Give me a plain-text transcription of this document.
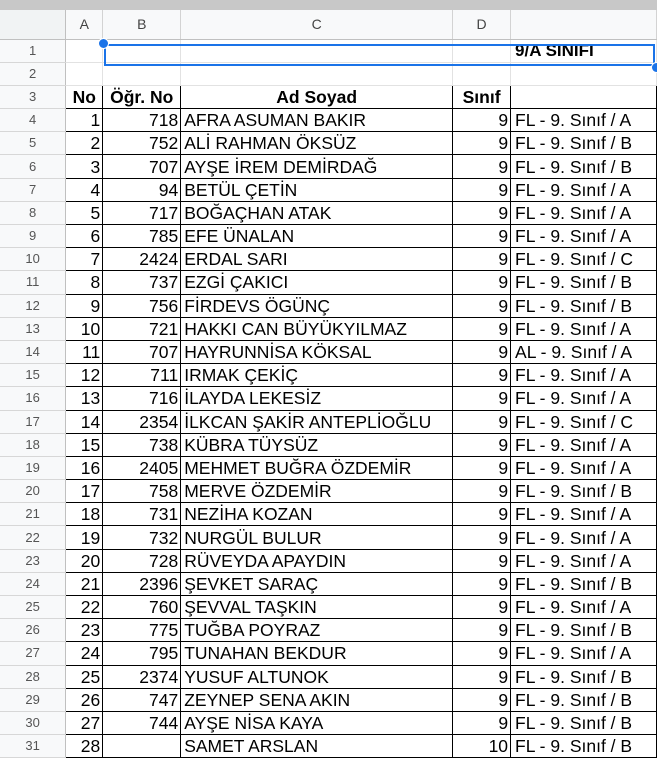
	A	B	C	D	
1					9/A SINIFI
2					
3	No	Öğr. No	Ad Soyad	Sınıf	
4	1	718	AFRA ASUMAN BAKIR	9	FL - 9. Sınıf / A
5	2	752	ALİ RAHMAN ÖKSÜZ	9	FL - 9. Sınıf / B
6	3	707	AYŞE İREM DEMİRDAĞ	9	FL - 9. Sınıf / B
7	4	94	BETÜL ÇETİN	9	FL - 9. Sınıf / A
8	5	717	BOĞAÇHAN ATAK	9	FL - 9. Sınıf / A
9	6	785	EFE ÜNALAN	9	FL - 9. Sınıf / A
10	7	2424	ERDAL SARI	9	FL - 9. Sınıf / C
11	8	737	EZGİ ÇAKICI	9	FL - 9. Sınıf / B
12	9	756	FİRDEVS ÖGÜNÇ	9	FL - 9. Sınıf / B
13	10	721	HAKKI CAN BÜYÜKYILMAZ	9	FL - 9. Sınıf / A
14	11	707	HAYRUNNİSA KÖKSAL	9	AL - 9. Sınıf / A
15	12	711	IRMAK ÇEKİÇ	9	FL - 9. Sınıf / A
16	13	716	İLAYDA LEKESİZ	9	FL - 9. Sınıf / A
17	14	2354	İLKCAN ŞAKİR ANTEPLİOĞLU	9	FL - 9. Sınıf / C
18	15	738	KÜBRA TÜYSÜZ	9	FL - 9. Sınıf / A
19	16	2405	MEHMET BUĞRA ÖZDEMİR	9	FL - 9. Sınıf / A
20	17	758	MERVE ÖZDEMİR	9	FL - 9. Sınıf / B
21	18	731	NEZİHA KOZAN	9	FL - 9. Sınıf / A
22	19	732	NURGÜL BULUR	9	FL - 9. Sınıf / A
23	20	728	RÜVEYDA APAYDIN	9	FL - 9. Sınıf / A
24	21	2396	ŞEVKET SARAÇ	9	FL - 9. Sınıf / B
25	22	760	ŞEVVAL TAŞKIN	9	FL - 9. Sınıf / A
26	23	775	TUĞBA POYRAZ	9	FL - 9. Sınıf / B
27	24	795	TUNAHAN BEKDUR	9	FL - 9. Sınıf / A
28	25	2374	YUSUF ALTUNOK	9	FL - 9. Sınıf / B
29	26	747	ZEYNEP SENA AKIN	9	FL - 9. Sınıf / B
30	27	744	AYŞE NİSA KAYA	9	FL - 9. Sınıf / B
31	28		SAMET ARSLAN	10	FL - 9. Sınıf / B
